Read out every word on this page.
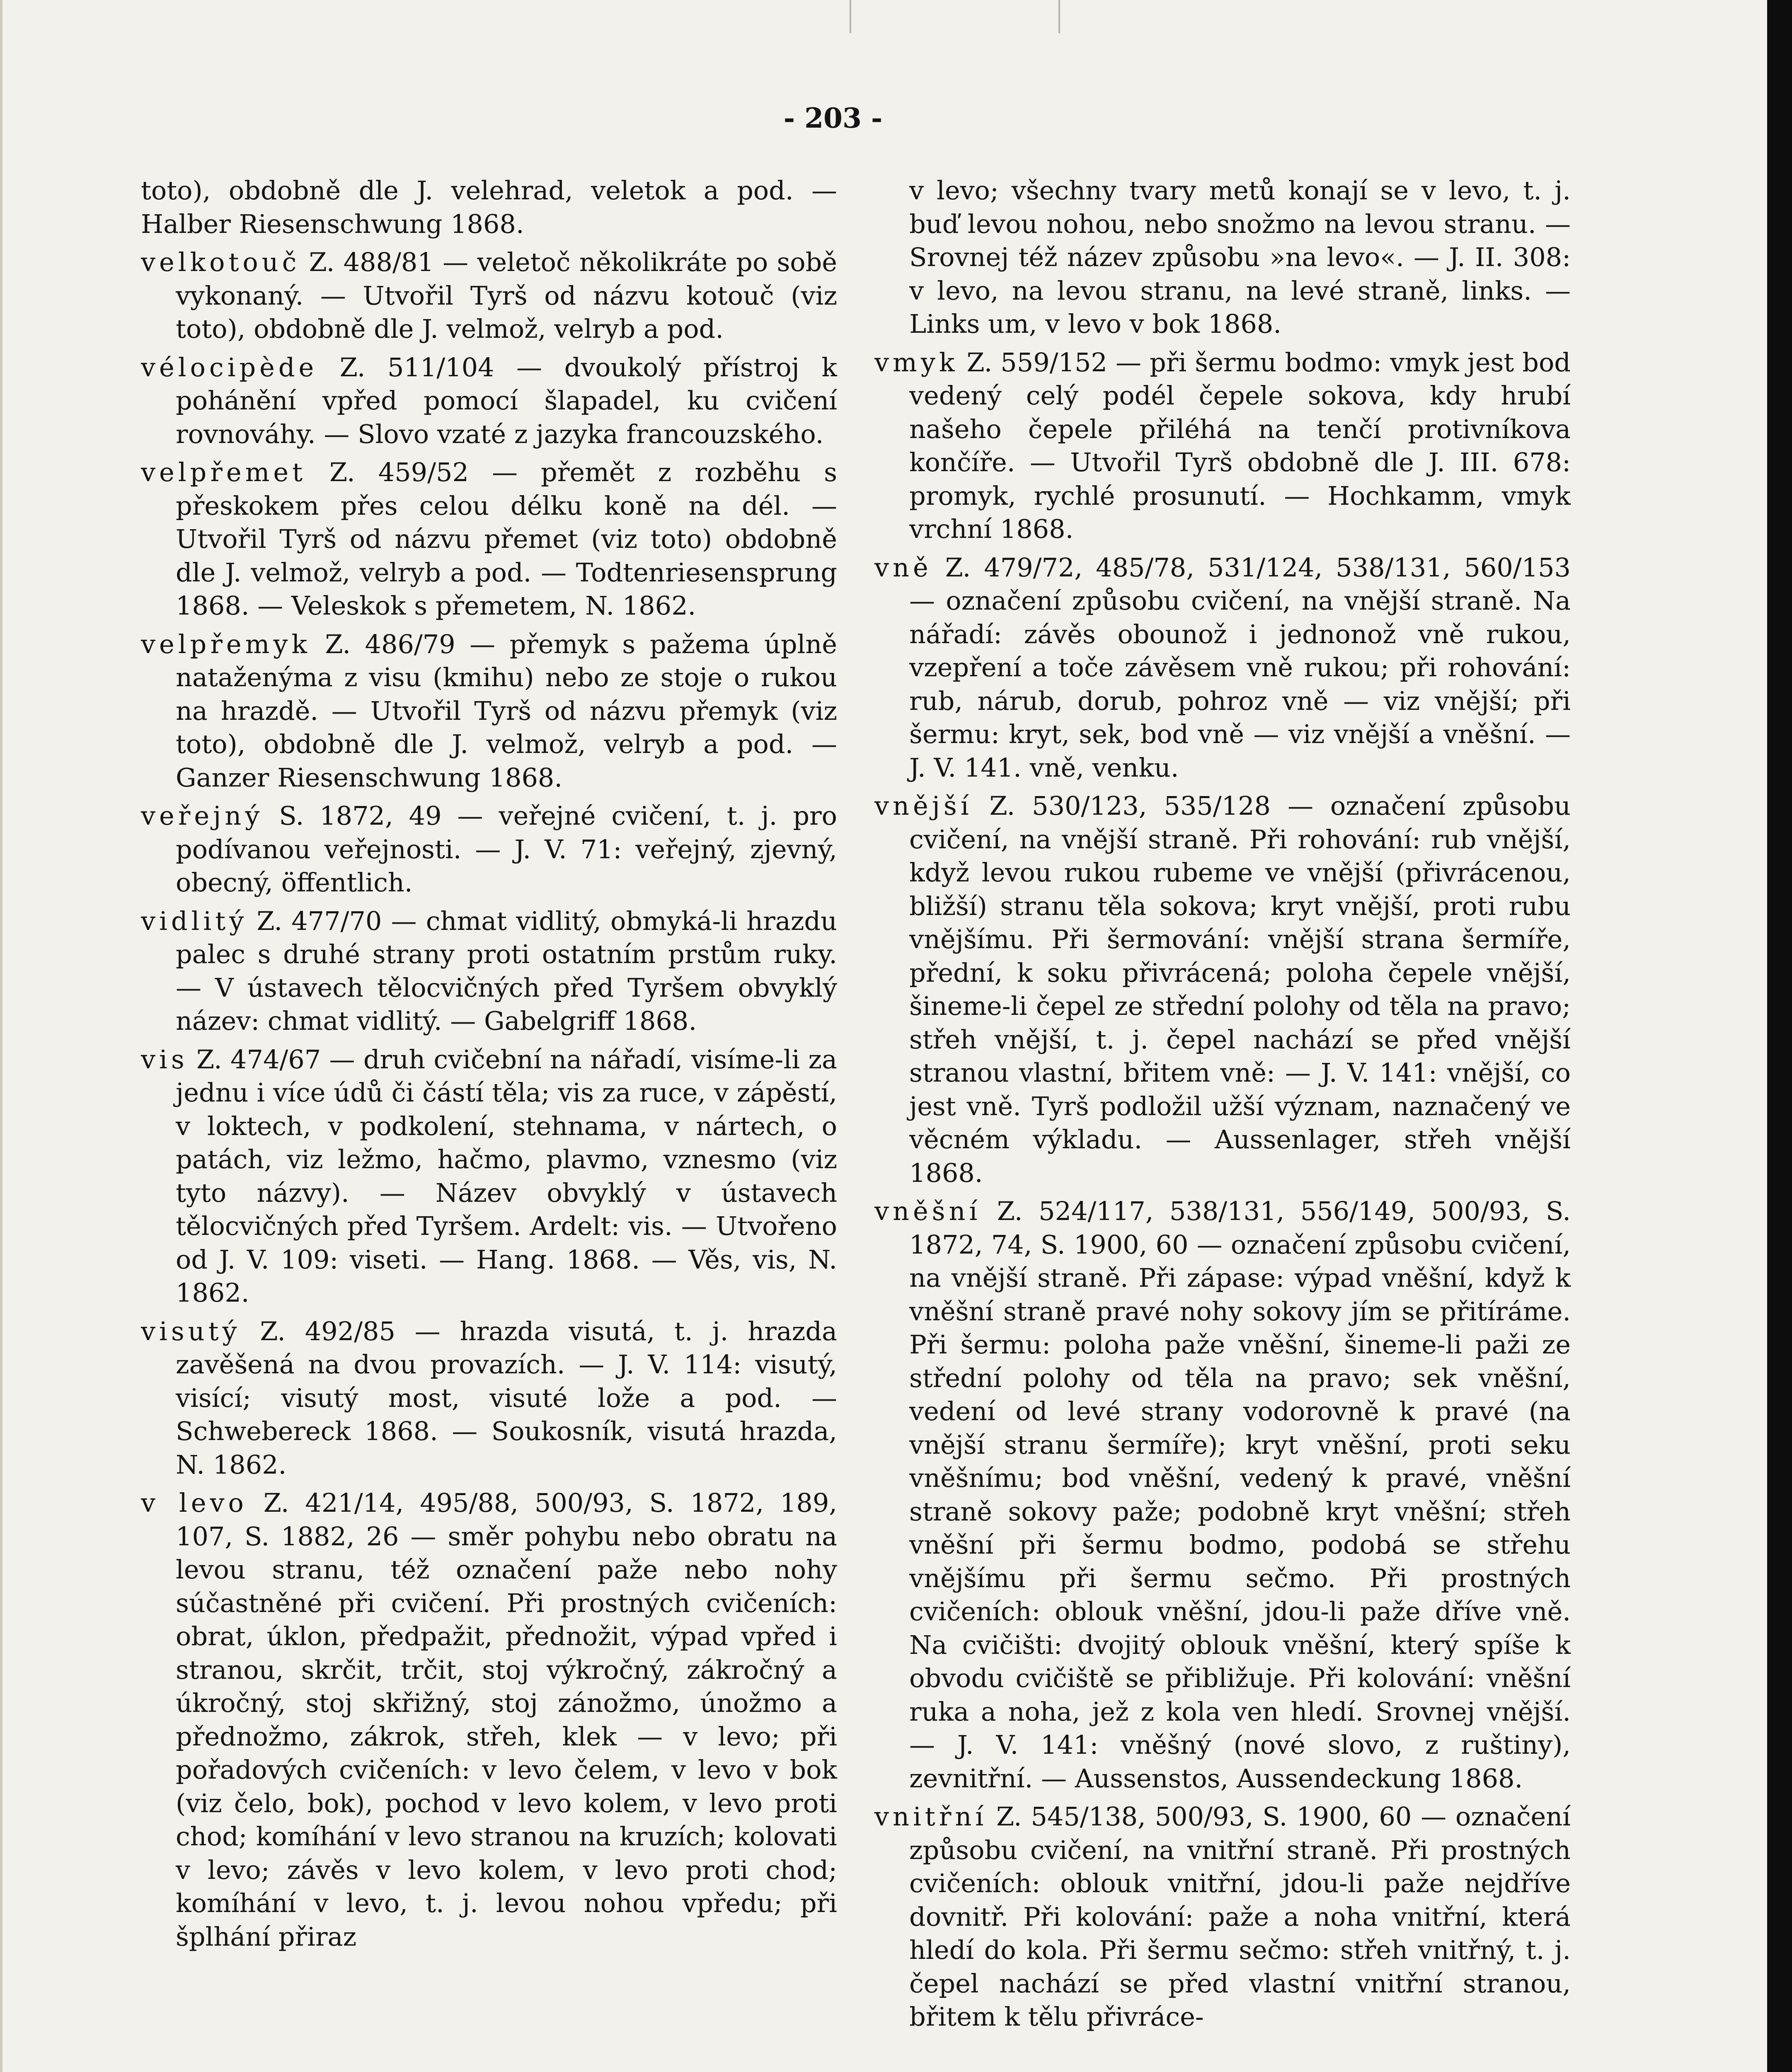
- 203 -

toto), obdobně dle J. velehrad, veletok a pod. — Halber Riesenschwung 1868.

velkotouč Z. 488/81 — veletoč několikráte po sobě vykonaný. — Utvořil Tyrš od názvu kotouč (viz toto), obdobně dle J. velmož, velryb a pod.

vélocipède Z. 511/104 — dvoukolý přístroj k pohánění vpřed pomocí šlapadel, ku cvičení rovnováhy. — Slovo vzaté z jazyka francouzského.

velpřemet Z. 459/52 — přemět z rozběhu s přeskokem přes celou délku koně na dél. — Utvořil Tyrš od názvu přemet (viz toto) obdobně dle J. velmož, velryb a pod. — Todtenriesensprung 1868. — Veleskok s přemetem, N. 1862.

velpřemyk Z. 486/79 — přemyk s pažema úplně nataženýma z visu (kmihu) nebo ze stoje o rukou na hrazdě. — Utvořil Tyrš od názvu přemyk (viz toto), obdobně dle J. velmož, velryb a pod. — Ganzer Riesenschwung 1868.

veřejný S. 1872, 49 — veřejné cvičení, t. j. pro podívanou veřejnosti. — J. V. 71: veřejný, zjevný, obecný, öffentlich.

vidlitý Z. 477/70 — chmat vidlitý, obmyká-li hrazdu palec s druhé strany proti ostatním prstům ruky. — V ústavech tělocvičných před Tyršem obvyklý název: chmat vidlitý. — Gabelgriff 1868.

vis Z. 474/67 — druh cvičební na nářadí, visíme-li za jednu i více údů či částí těla; vis za ruce, v zápěstí, v loktech, v podkolení, stehnama, v nártech, o patách, viz ležmo, hačmo, plavmo, vznesmo (viz tyto názvy). — Název obvyklý v ústavech tělocvičných před Tyršem. Ardelt: vis. — Utvořeno od J. V. 109: viseti. — Hang. 1868. — Věs, vis, N. 1862.

visutý Z. 492/85 — hrazda visutá, t. j. hrazda zavěšená na dvou provazích. — J. V. 114: visutý, visící; visutý most, visuté lože a pod. — Schwebereck 1868. — Soukosník, visutá hrazda, N. 1862.

v levo Z. 421/14, 495/88, 500/93, S. 1872, 189, 107, S. 1882, 26 — směr pohybu nebo obratu na levou stranu, též označení paže nebo nohy súčastněné při cvičení. Při prostných cvičeních: obrat, úklon, předpažit, přednožit, výpad vpřed i stranou, skrčit, trčit, stoj výkročný, zákročný a úkročný, stoj skřižný, stoj zánožmo, únožmo a přednožmo, zákrok, střeh, klek — v levo; při pořadových cvičeních: v levo čelem, v levo v bok (viz čelo, bok), pochod v levo kolem, v levo proti chod; komíhání v levo stranou na kruzích; kolovati v levo; závěs v levo kolem, v levo proti chod; komíhání v levo, t. j. levou nohou vpředu; při šplhání přiraz

v levo; všechny tvary metů konají se v levo, t. j. buď levou nohou, nebo snožmo na levou stranu. — Srovnej též název způsobu »na levo«. — J. II. 308: v levo, na levou stranu, na levé straně, links. — Links um, v levo v bok 1868.

vmyk Z. 559/152 — při šermu bodmo: vmyk jest bod vedený celý podél čepele sokova, kdy hrubí našeho čepele přiléhá na tenčí protivníkova končíře. — Utvořil Tyrš obdobně dle J. III. 678: promyk, rychlé prosunutí. — Hochkamm, vmyk vrchní 1868.

vně Z. 479/72, 485/78, 531/124, 538/131, 560/153 — označení způsobu cvičení, na vnější straně. Na nářadí: závěs obounož i jednonož vně rukou, vzepření a toče závěsem vně rukou; při rohování: rub, nárub, dorub, pohroz vně — viz vnější; při šermu: kryt, sek, bod vně — viz vnější a vněšní. — J. V. 141. vně, venku.

vnější Z. 530/123, 535/128 — označení způsobu cvičení, na vnější straně. Při rohování: rub vnější, když levou rukou rubeme ve vnější (přivrácenou, bližší) stranu těla sokova; kryt vnější, proti rubu vnějšímu. Při šermování: vnější strana šermíře, přední, k soku přivrácená; poloha čepele vnější, šineme-li čepel ze střední polohy od těla na pravo; střeh vnější, t. j. čepel nachází se před vnější stranou vlastní, břitem vně: — J. V. 141: vnější, co jest vně. Tyrš podložil užší význam, naznačený ve věcném výkladu. — Aussenlager, střeh vnější 1868.

vněšní Z. 524/117, 538/131, 556/149, 500/93, S. 1872, 74, S. 1900, 60 — označení způsobu cvičení, na vnější straně. Při zápase: výpad vněšní, když k vněšní straně pravé nohy sokovy jím se přitíráme. Při šermu: poloha paže vněšní, šineme-li paži ze střední polohy od těla na pravo; sek vněšní, vedení od levé strany vodorovně k pravé (na vnější stranu šermíře); kryt vněšní, proti seku vněšnímu; bod vněšní, vedený k pravé, vněšní straně sokovy paže; podobně kryt vněšní; střeh vněšní při šermu bodmo, podobá se střehu vnějšímu při šermu sečmo. Při prostných cvičeních: oblouk vněšní, jdou-li paže dříve vně. Na cvičišti: dvojitý oblouk vněšní, který spíše k obvodu cvičiště se přibližuje. Při kolování: vněšní ruka a noha, jež z kola ven hledí. Srovnej vnější. — J. V. 141: vněšný (nové slovo, z ruštiny), zevnitřní. — Aussenstos, Aussendeckung 1868.

vnitřní Z. 545/138, 500/93, S. 1900, 60 — označení způsobu cvičení, na vnitřní straně. Při prostných cvičeních: oblouk vnitřní, jdou-li paže nejdříve dovnitř. Při kolování: paže a noha vnitřní, která hledí do kola. Při šermu sečmo: střeh vnitřný, t. j. čepel nachází se před vlastní vnitřní stranou, břitem k tělu přivráce-
